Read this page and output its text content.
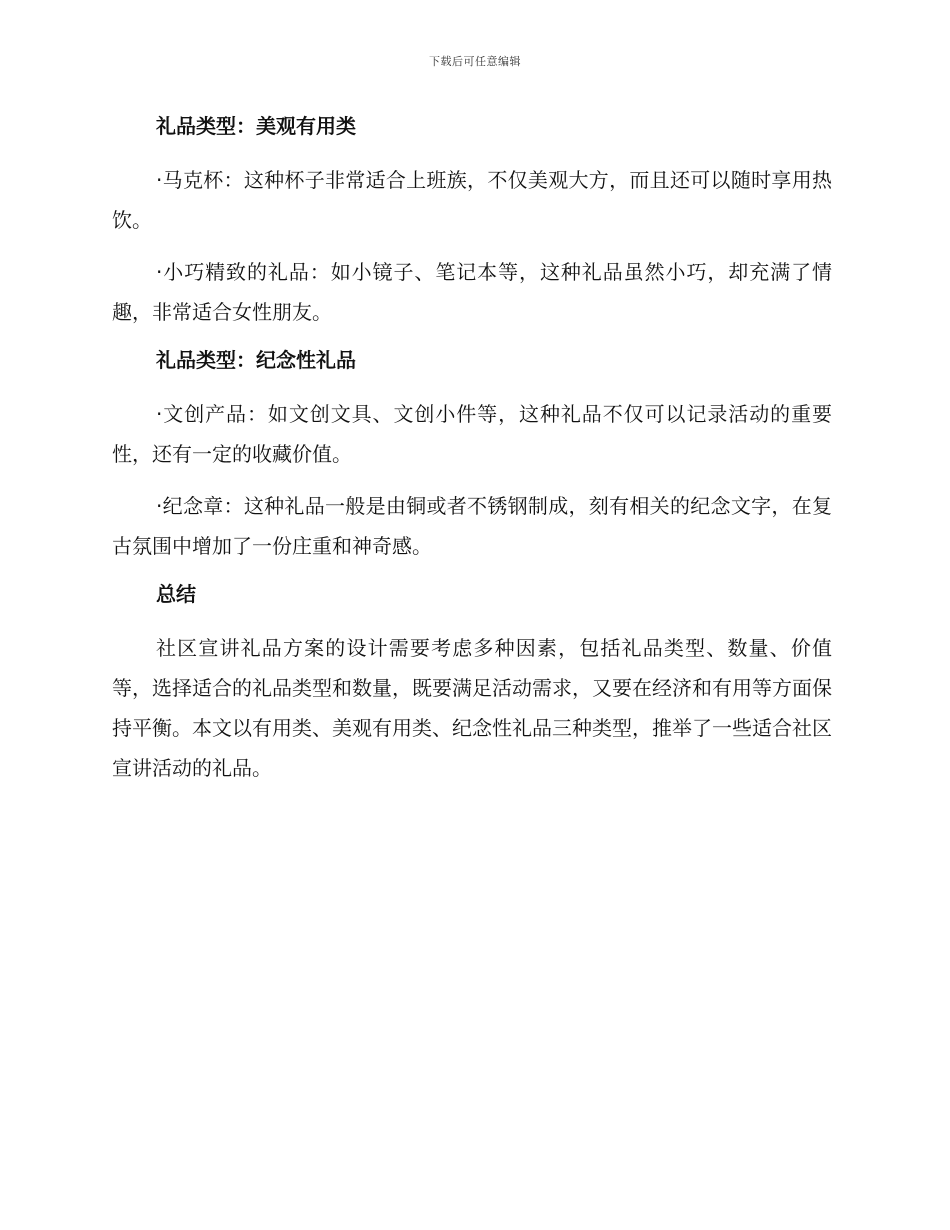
下载后可任意编辑
礼品类型：美观有用类

·马克杯：这种杯子非常适合上班族，不仅美观大方，而且还可以随时享用热饮。

·小巧精致的礼品：如小镜子、笔记本等，这种礼品虽然小巧，却充满了情趣，非常适合女性朋友。

礼品类型：纪念性礼品

·文创产品：如文创文具、文创小件等，这种礼品不仅可以记录活动的重要性，还有一定的收藏价值。

·纪念章：这种礼品一般是由铜或者不锈钢制成，刻有相关的纪念文字，在复古氛围中增加了一份庄重和神奇感。

总结

社区宣讲礼品方案的设计需要考虑多种因素，包括礼品类型、数量、价值等，选择适合的礼品类型和数量，既要满足活动需求，又要在经济和有用等方面保持平衡。本文以有用类、美观有用类、纪念性礼品三种类型，推举了一些适合社区宣讲活动的礼品。
